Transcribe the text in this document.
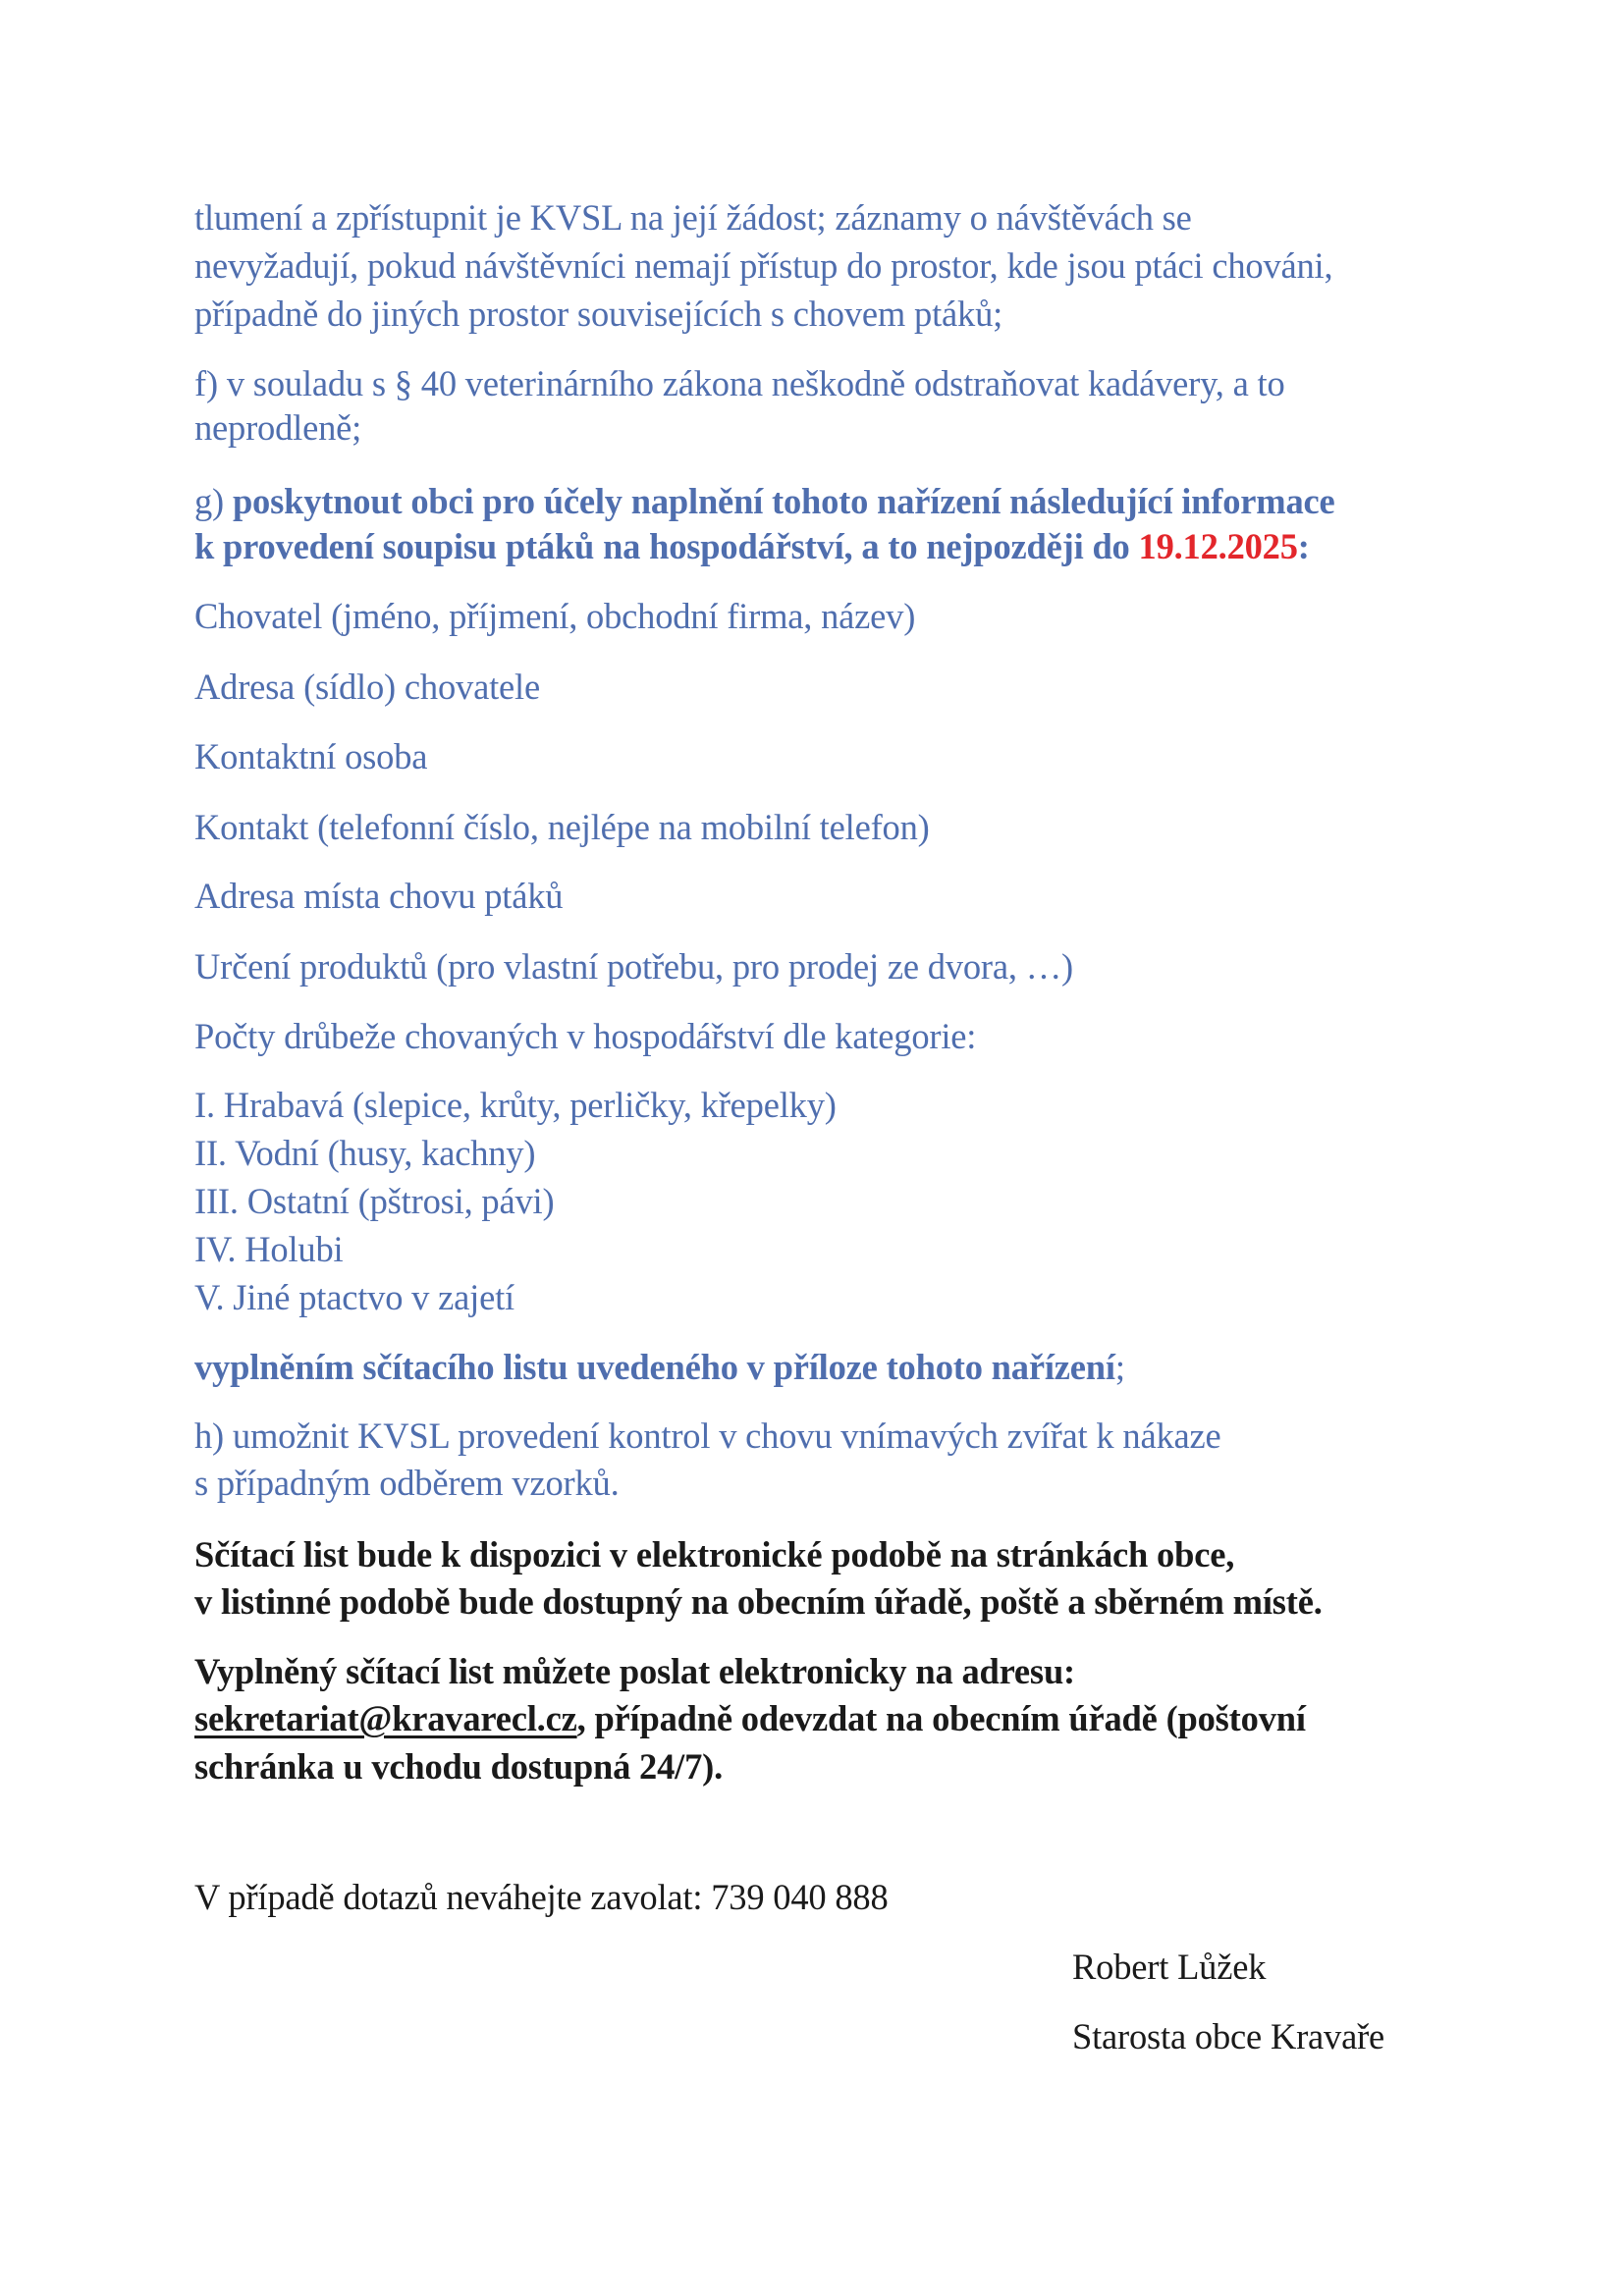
tlumení a zpřístupnit je KVSL na její žádost; záznamy o návštěvách se
nevyžadují, pokud návštěvníci nemají přístup do prostor, kde jsou ptáci chováni,
případně do jiných prostor souvisejících s chovem ptáků;
f) v souladu s § 40 veterinárního zákona neškodně odstraňovat kadávery, a to
neprodleně;
g) poskytnout obci pro účely naplnění tohoto nařízení následující informace
k provedení soupisu ptáků na hospodářství, a to nejpozději do 19.12.2025:
Chovatel (jméno, příjmení, obchodní firma, název)
Adresa (sídlo) chovatele
Kontaktní osoba
Kontakt (telefonní číslo, nejlépe na mobilní telefon)
Adresa místa chovu ptáků
Určení produktů (pro vlastní potřebu, pro prodej ze dvora, …)
Počty drůbeže chovaných v hospodářství dle kategorie:
I. Hrabavá (slepice, krůty, perličky, křepelky)
II. Vodní (husy, kachny)
III. Ostatní (pštrosi, pávi)
IV. Holubi
V. Jiné ptactvo v zajetí
vyplněním sčítacího listu uvedeného v příloze tohoto nařízení;
h) umožnit KVSL provedení kontrol v chovu vnímavých zvířat k nákaze
s případným odběrem vzorků.
Sčítací list bude k dispozici v elektronické podobě na stránkách obce,
v listinné podobě bude dostupný na obecním úřadě, poště a sběrném místě.
Vyplněný sčítací list můžete poslat elektronicky na adresu:
sekretariat@kravarecl.cz, případně odevzdat na obecním úřadě (poštovní
schránka u vchodu dostupná 24/7).
V případě dotazů neváhejte zavolat: 739 040 888
Robert Lůžek
Starosta obce Kravaře
